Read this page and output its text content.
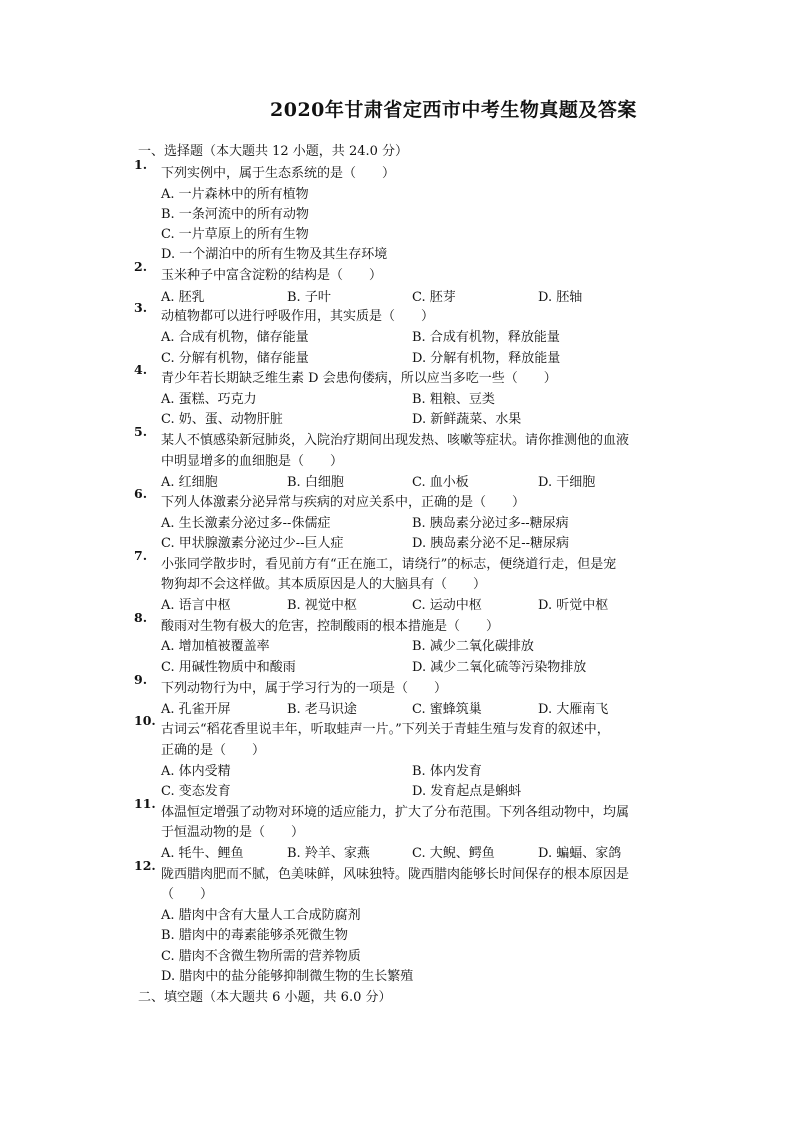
2020年甘肃省定西市中考生物真题及答案
一、选择题（本大题共 12 小题，共 24.0 分）
1.
下列实例中，属于生态系统的是（　　）
A. 一片森林中的所有植物
B. 一条河流中的所有动物
C. 一片草原上的所有生物
D. 一个湖泊中的所有生物及其生存环境
2.
玉米种子中富含淀粉的结构是（　　）
A. 胚乳	B. 子叶	C. 胚芽	D. 胚轴
3.
动植物都可以进行呼吸作用，其实质是（　　）
A. 合成有机物，储存能量	B. 合成有机物，释放能量
C. 分解有机物，储存能量	D. 分解有机物，释放能量
4.
青少年若长期缺乏维生素 D 会患佝偻病，所以应当多吃一些（　　）
A. 蛋糕、巧克力	B. 粗粮、豆类
C. 奶、蛋、动物肝脏	D. 新鲜蔬菜、水果
5.
某人不慎感染新冠肺炎，入院治疗期间出现发热、咳嗽等症状。请你推测他的血液
中明显增多的血细胞是（　　）
A. 红细胞	B. 白细胞	C. 血小板	D. 干细胞
6.
下列人体激素分泌异常与疾病的对应关系中，正确的是（　　）
A. 生长激素分泌过多--侏儒症	B. 胰岛素分泌过多--糖尿病
C. 甲状腺激素分泌过少--巨人症	D. 胰岛素分泌不足--糖尿病
7.
小张同学散步时，看见前方有“正在施工，请绕行”的标志，便绕道行走，但是宠
物狗却不会这样做。其本质原因是人的大脑具有（　　）
A. 语言中枢	B. 视觉中枢	C. 运动中枢	D. 听觉中枢
8.
酸雨对生物有极大的危害，控制酸雨的根本措施是（　　）
A. 增加植被覆盖率	B. 减少二氧化碳排放
C. 用碱性物质中和酸雨	D. 减少二氧化硫等污染物排放
9.
下列动物行为中，属于学习行为的一项是（　　）
A. 孔雀开屏	B. 老马识途	C. 蜜蜂筑巢	D. 大雁南飞
10.
古词云“稻花香里说丰年，听取蛙声一片。”下列关于青蛙生殖与发育的叙述中，
正确的是（　　）
A. 体内受精	B. 体内发育
C. 变态发育	D. 发育起点是蝌蚪
11.
体温恒定增强了动物对环境的适应能力，扩大了分布范围。下列各组动物中，均属
于恒温动物的是（　　）
A. 牦牛、鲤鱼	B. 羚羊、家燕	C. 大鲵、鳄鱼	D. 蝙蝠、家鸽
12.
陇西腊肉肥而不腻，色美味鲜，风味独特。陇西腊肉能够长时间保存的根本原因是
（　　）
A. 腊肉中含有大量人工合成防腐剂
B. 腊肉中的毒素能够杀死微生物
C. 腊肉不含微生物所需的营养物质
D. 腊肉中的盐分能够抑制微生物的生长繁殖
二、填空题（本大题共 6 小题，共 6.0 分）
